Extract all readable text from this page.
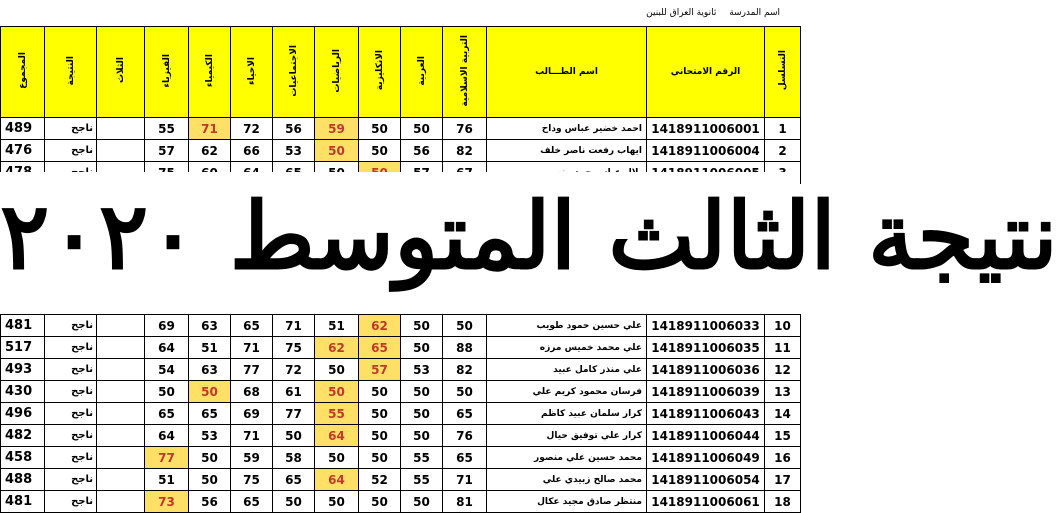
اسم المدرسة ثانوية العراق للبنين
التسلسل	الرقم الامتحاني	اسم الطـــالب	التربية الاسلامية	العربية	الانكليزية	الرياضيات	الاجتماعيات	الاحياء	الكيمياء	الفيزياء	الثلاث	النتيجة	المجموع
1	1418911006001	احمد خضير عباس وداح	76	50	50	59	56	72	71	55		ناجح	489
2	1418911006004	ايهاب رفعت ناصر خلف	82	56	50	50	53	66	62	57		ناجح	476

10	1418911006033	علي حسين حمود طويب	50	50	62	51	71	65	63	69		ناجح	481
11	1418911006035	علي محمد خميس مرزه	88	50	65	62	75	71	51	64		ناجح	517
12	1418911006036	علي منذر كامل عبيد	82	53	57	50	72	77	63	54		ناجح	493
13	1418911006039	فرسان محمود كريم علي	50	50	50	50	61	68	50	50		ناجح	430
14	1418911006043	كرار سلمان عبيد كاظم	65	50	50	55	77	69	65	65		ناجح	496
15	1418911006044	كرار علي توفيق حيال	76	50	50	64	50	71	53	64		ناجح	482
16	1418911006049	محمد حسين علي منصور	65	55	50	50	58	59	50	77		ناجح	458
17	1418911006054	محمد صالح زبيدي علي	71	55	52	64	65	75	50	51		ناجح	488
18	1418911006061	منتظر صادق مجيد عكال	81	50	50	50	50	65	56	73		ناجح	481
نتيجة الثالث المتوسط ٢٠٢٠
